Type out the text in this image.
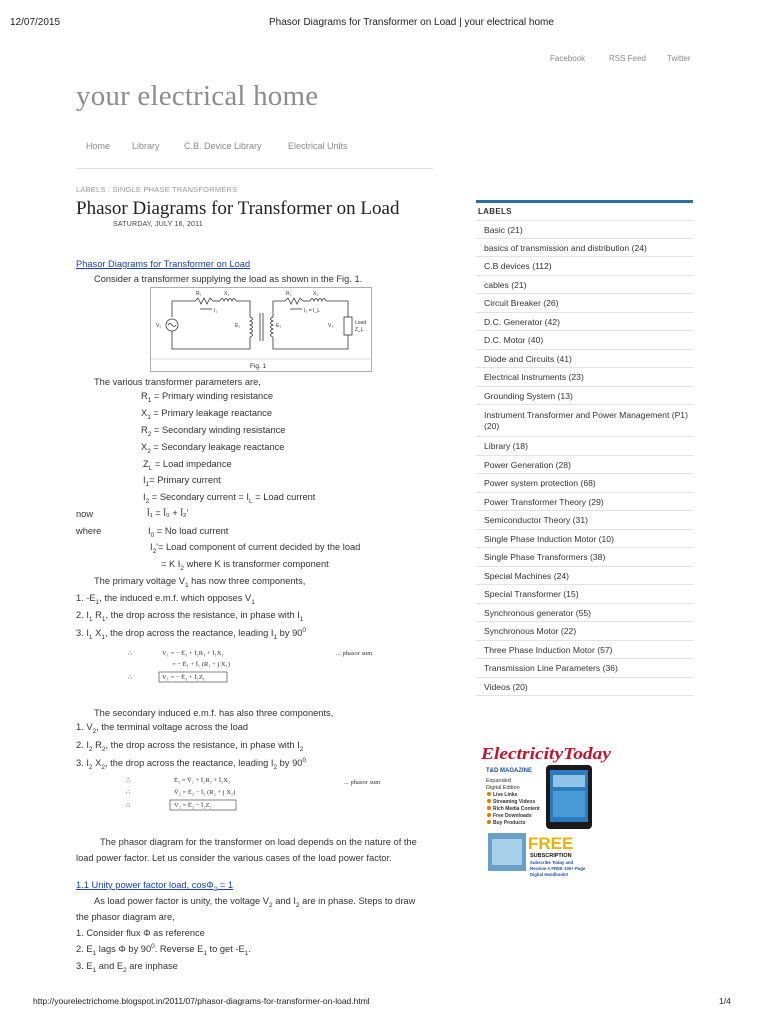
12/07/2015	Phasor Diagrams for Transformer on Load | your electrical home
Facebook	RSS Feed	Twitter
your electrical home
Home Library	C.B. Device Library	Electrical Units
LABELS : SINGLE PHASE TRANSFORMERS
Phasor Diagrams for Transformer on Load
SATURDAY, JULY 16, 2011
Phasor Diagrams for Transformer on Load
Consider a transformer supplying the load as shown in the Fig. 1.
R₁	X₁	R₂	X₂
I₁	I₂ = I_L
V₁	E₁	E₂	V₂	Load
Z_L
Fig. 1
The various transformer parameters are,
$R_1$ = Primary winding resistance
$X_1$ = Primary leakage reactance
$R_2$ = Secondary winding resistance
$X_2$ = Secondary leakage reactance
$Z_L$ = Load impedance
$I_1=$ Primary current
$I_2$ = Secondary current = $I_L$ = Load current
now	Ī₁ = Ī₀ + Ī₂'
where	$I_0 = No$ load current
$I_2'=$ Load component of current decided by the load
= K $I_2$ where K is transformer component
The primary voltage $V_1$ has now three components,
1. $-E_1$, the induced e.m.f. which opposes $V_1$
2. $I_1$ $R_1$, the drop across the resistance, in phase with $I_1$
3. $I_1$ $X_1$, the drop across the reactance, leading $I_1$ by $90^0$
∴	V₁ = − Ē₁ + Ī₁R₁ + Ī₁X₁
= − Ē₁ + Ī₁ (R₁ + j X₁)
∴	V₁ = − Ē₁ + Ī₁Z₁
... phasor sum
The secondary induced e.m.f. has also three components,
1. $V_2$, the terminal voltage across the load
2. $I_2$ $R_2$, the drop across the resistance, in phase with $I_2$
3. $I_2$ $X_2$, the drop across the reactance, leading $I_2$ by $90^0$
∴	Ē₂ = V̄₂ + Ī₂R₂ + Ī₂X₂
∴	V̄₂ = Ē₂ − Ī₂ (R₂ + j X₂)
∴	V₂ = Ē₂ − Ī₂Z₂
... phasor sum
The phasor diagram for the transformer on load depends on the nature of the
load power factor. Let us consider the various cases of the load power factor.
1.1 Unity power factor load, cosΦ$_2$ = 1
As load power factor is unity, the voltage $V_2$ and $I_2$ are in phase. Steps to draw
the phasor diagram are,
1. Consider flux Φ as reference
2. $E_1$ lags Φ by $90^0$. Reverse $E_1$ to get $-E_1$.
3. $E_1$ and $E_2$ are inphase
LABELS
Basic (21)
basics of transmission and distribution (24)
C.B devices (112)
cables (21)
Circuit Breaker (26)
D.C. Generator (42)
D.C. Motor (40)
Diode and Circuits (41)
Electrical Instruments (23)
Grounding System (13)
Instrument Transformer and Power Management (P1) (20)
Library (18)
Power Generation (28)
Power system protection (68)
Power Transformer Theory (29)
Semiconductor Theory (31)
Single Phase Induction Motor (10)
Single Phase Transformers (38)
Special Machines (24)
Special Transformer (15)
Synchronous generator (55)
Synchronous Motor (22)
Three Phase Induction Motor (57)
Transmission Line Parameters (36)
Videos (20)
ElectricityToday
T&D MAGAZINE
Expanded
Digital Edition
Live Links
Streaming Videos
Rich Media Content
Free Downloads
Buy Products
FREE
SUBSCRIPTION
Subscribe Today and
Receive A FREE 100+ Page
Digital Handbook!!
http://yourelectrichome.blogspot.in/2011/07/phasor-diagrams-for-transformer-on-load.html	1/4
